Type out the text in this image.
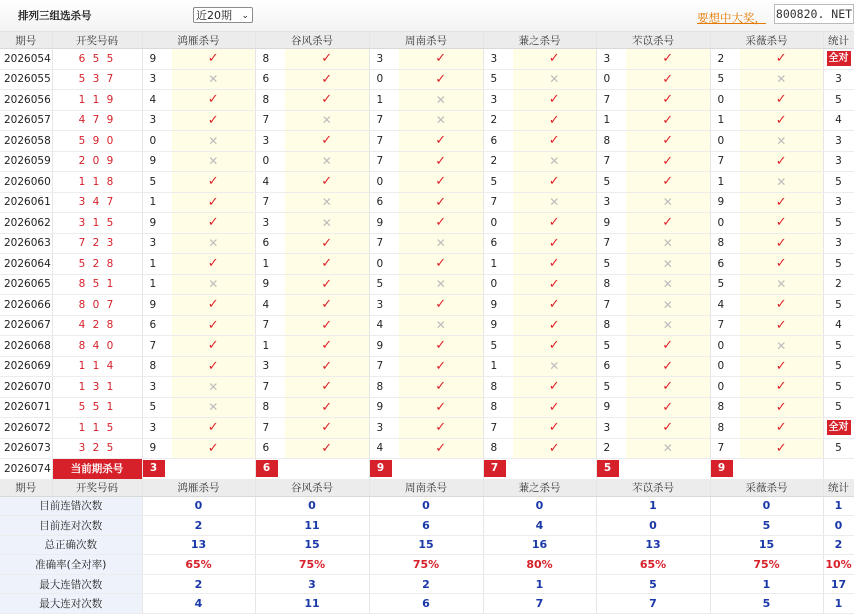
排列三组选杀号	近20期 ⌄	要想中大奖， 800820. NET
期号	开奖号码	鸿雁杀号		谷风杀号		周南杀号		蒹之杀号		芣苡杀号		采薇杀号		统计
2026054	6 5 5	9	✓	8	✓	3	✓	3	✓	3	✓	2	✓	全对
2026055	5 3 7	3	✕	6	✓	0	✓	5	✕	0	✓	5	✕	3
2026056	1 1 9	4	✓	8	✓	1	✕	3	✓	7	✓	0	✓	5
2026057	4 7 9	3	✓	7	✕	7	✕	2	✓	1	✓	1	✓	4
2026058	5 9 0	0	✕	3	✓	7	✓	6	✓	8	✓	0	✕	3
2026059	2 0 9	9	✕	0	✕	7	✓	2	✕	7	✓	7	✓	3
2026060	1 1 8	5	✓	4	✓	0	✓	5	✓	5	✓	1	✕	5
2026061	3 4 7	1	✓	7	✕	6	✓	7	✕	3	✕	9	✓	3
2026062	3 1 5	9	✓	3	✕	9	✓	0	✓	9	✓	0	✓	5
2026063	7 2 3	3	✕	6	✓	7	✕	6	✓	7	✕	8	✓	3
2026064	5 2 8	1	✓	1	✓	0	✓	1	✓	5	✕	6	✓	5
2026065	8 5 1	1	✕	9	✓	5	✕	0	✓	8	✕	5	✕	2
2026066	8 0 7	9	✓	4	✓	3	✓	9	✓	7	✕	4	✓	5
2026067	4 2 8	6	✓	7	✓	4	✕	9	✓	8	✕	7	✓	4
2026068	8 4 0	7	✓	1	✓	9	✓	5	✓	5	✓	0	✕	5
2026069	1 1 4	8	✓	3	✓	7	✓	1	✕	6	✓	0	✓	5
2026070	1 3 1	3	✕	7	✓	8	✓	8	✓	5	✓	0	✓	5
2026071	5 5 1	5	✕	8	✓	9	✓	8	✓	9	✓	8	✓	5
2026072	1 1 5	3	✓	7	✓	3	✓	7	✓	3	✓	8	✓	全对
2026073	3 2 5	9	✓	6	✓	4	✓	8	✓	2	✕	7	✓	5
2026074	当前期杀号	3		6		9		7		5		9		
期号	开奖号码	鸿雁杀号		谷风杀号		周南杀号		蒹之杀号		芣苡杀号		采薇杀号		统计
目前连错次数		0		0		0		0		1		0		1
目前连对次数		2		11		6		4		0		5		0
总正确次数		13		15		15		16		13		15		2
准确率(全对率)		65%		75%		75%		80%		65%		75%		10%
最大连错次数		2		3		2		1		5		1		17
最大连对次数		4		11		6		7		7		5		1
